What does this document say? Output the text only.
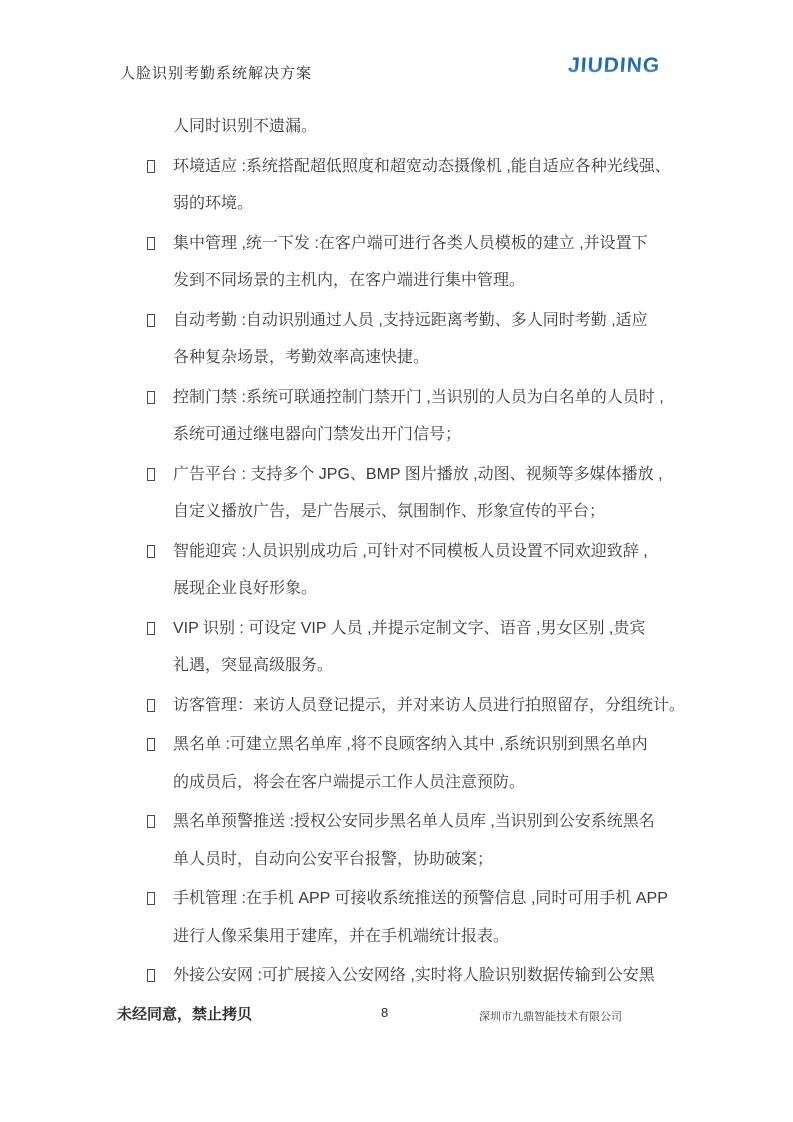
人脸识别考勤系统解决方案	JIUDING
人同时识别不遗漏。
环境适应 :系统搭配超低照度和超宽动态摄像机 ,能自适应各种光线强、
弱的环境。
集中管理 ,统一下发 :在客户端可进行各类人员模板的建立 ,并设置下
发到不同场景的主机内，在客户端进行集中管理。
自动考勤 :自动识别通过人员 ,支持远距离考勤、多人同时考勤 ,适应
各种复杂场景，考勤效率高速快捷。
控制门禁 :系统可联通控制门禁开门 ,当识别的人员为白名单的人员时 ,
系统可通过继电器向门禁发出开门信号；
广告平台 : 支持多个 JPG、BMP 图片播放 ,动图、视频等多媒体播放 ,
自定义播放广告，是广告展示、氛围制作、形象宣传的平台；
智能迎宾 :人员识别成功后 ,可针对不同模板人员设置不同欢迎致辞 ,
展现企业良好形象。
VIP 识别 : 可设定 VIP 人员 ,并提示定制文字、语音 ,男女区别 ,贵宾
礼遇，突显高级服务。
访客管理：来访人员登记提示，并对来访人员进行拍照留存，分组统计。
黑名单 :可建立黑名单库 ,将不良顾客纳入其中 ,系统识别到黑名单内
的成员后，将会在客户端提示工作人员注意预防。
黑名单预警推送 :授权公安同步黑名单人员库 ,当识别到公安系统黑名
单人员时，自动向公安平台报警，协助破案；
手机管理 :在手机 APP 可接收系统推送的预警信息 ,同时可用手机 APP
进行人像采集用于建库，并在手机端统计报表。
外接公安网 :可扩展接入公安网络 ,实时将人脸识别数据传输到公安黑
未经同意，禁止拷贝	8	深圳市九鼎智能技术有限公司
